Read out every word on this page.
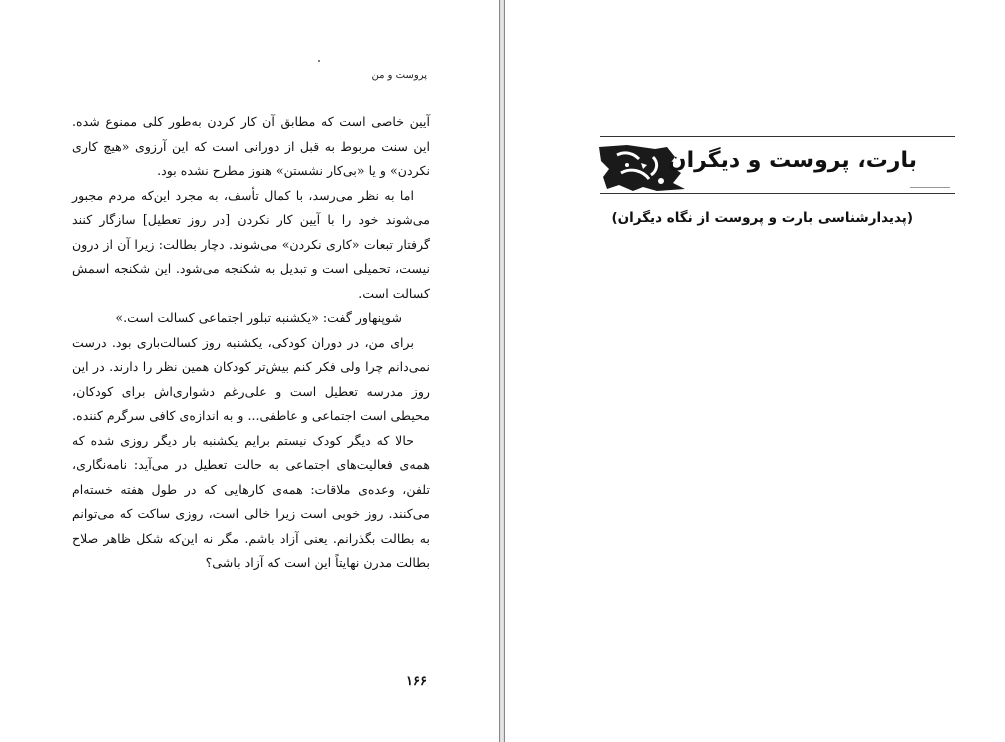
پروست و من

آیین خاصی است که مطابق آن کار کردن به‌طور کلی ممنوع شده. این سنت مربوط به قبل از دورانی است که این آرزوی «هیچ کاری نکردن» و یا «بی‌کار نشستن» هنوز مطرح نشده بود.

اما به نظر می‌رسد، با کمال تأسف، به مجرد این‌که مردم مجبور می‌شوند خود را با آیین کار نکردن [در روز تعطیل] سازگار کنند گرفتار تبعات «کاری نکردن» می‌شوند. دچار بطالت: زیرا آن از درون نیست، تحمیلی است و تبدیل به شکنجه می‌شود. این شکنجه اسمش کسالت است.

شوپنهاور گفت: «یکشنبه تبلور اجتماعی کسالت است.»

برای من، در دوران کودکی، یکشنبه روز کسالت‌باری بود. درست نمی‌دانم چرا ولی فکر کنم بیش‌تر کودکان همین نظر را دارند. در این روز مدرسه تعطیل است و علی‌رغم دشواری‌اش برای کودکان، محیطی است اجتماعی و عاطفی... و به اندازه‌ی کافی سرگرم کننده.

حالا که دیگر کودک نیستم برایم یکشنبه بار دیگر روزی شده که همه‌ی فعالیت‌های اجتماعی به حالت تعطیل در می‌آید: نامه‌نگاری، تلفن، وعده‌ی ملاقات: همه‌ی کارهایی که در طول هفته خسته‌ام می‌کنند. روز خوبی است زیرا خالی است، روزی ساکت که می‌توانم به بطالت بگذرانم. یعنی آزاد باشم. مگر نه این‌که شکل ظاهر صلاح بطالت مدرن نهایتاً این است که آزاد باشی؟

۱۶۶
بارت، پروست و دیگران
(پدیدارشناسی بارت و پروست از نگاه دیگران)
